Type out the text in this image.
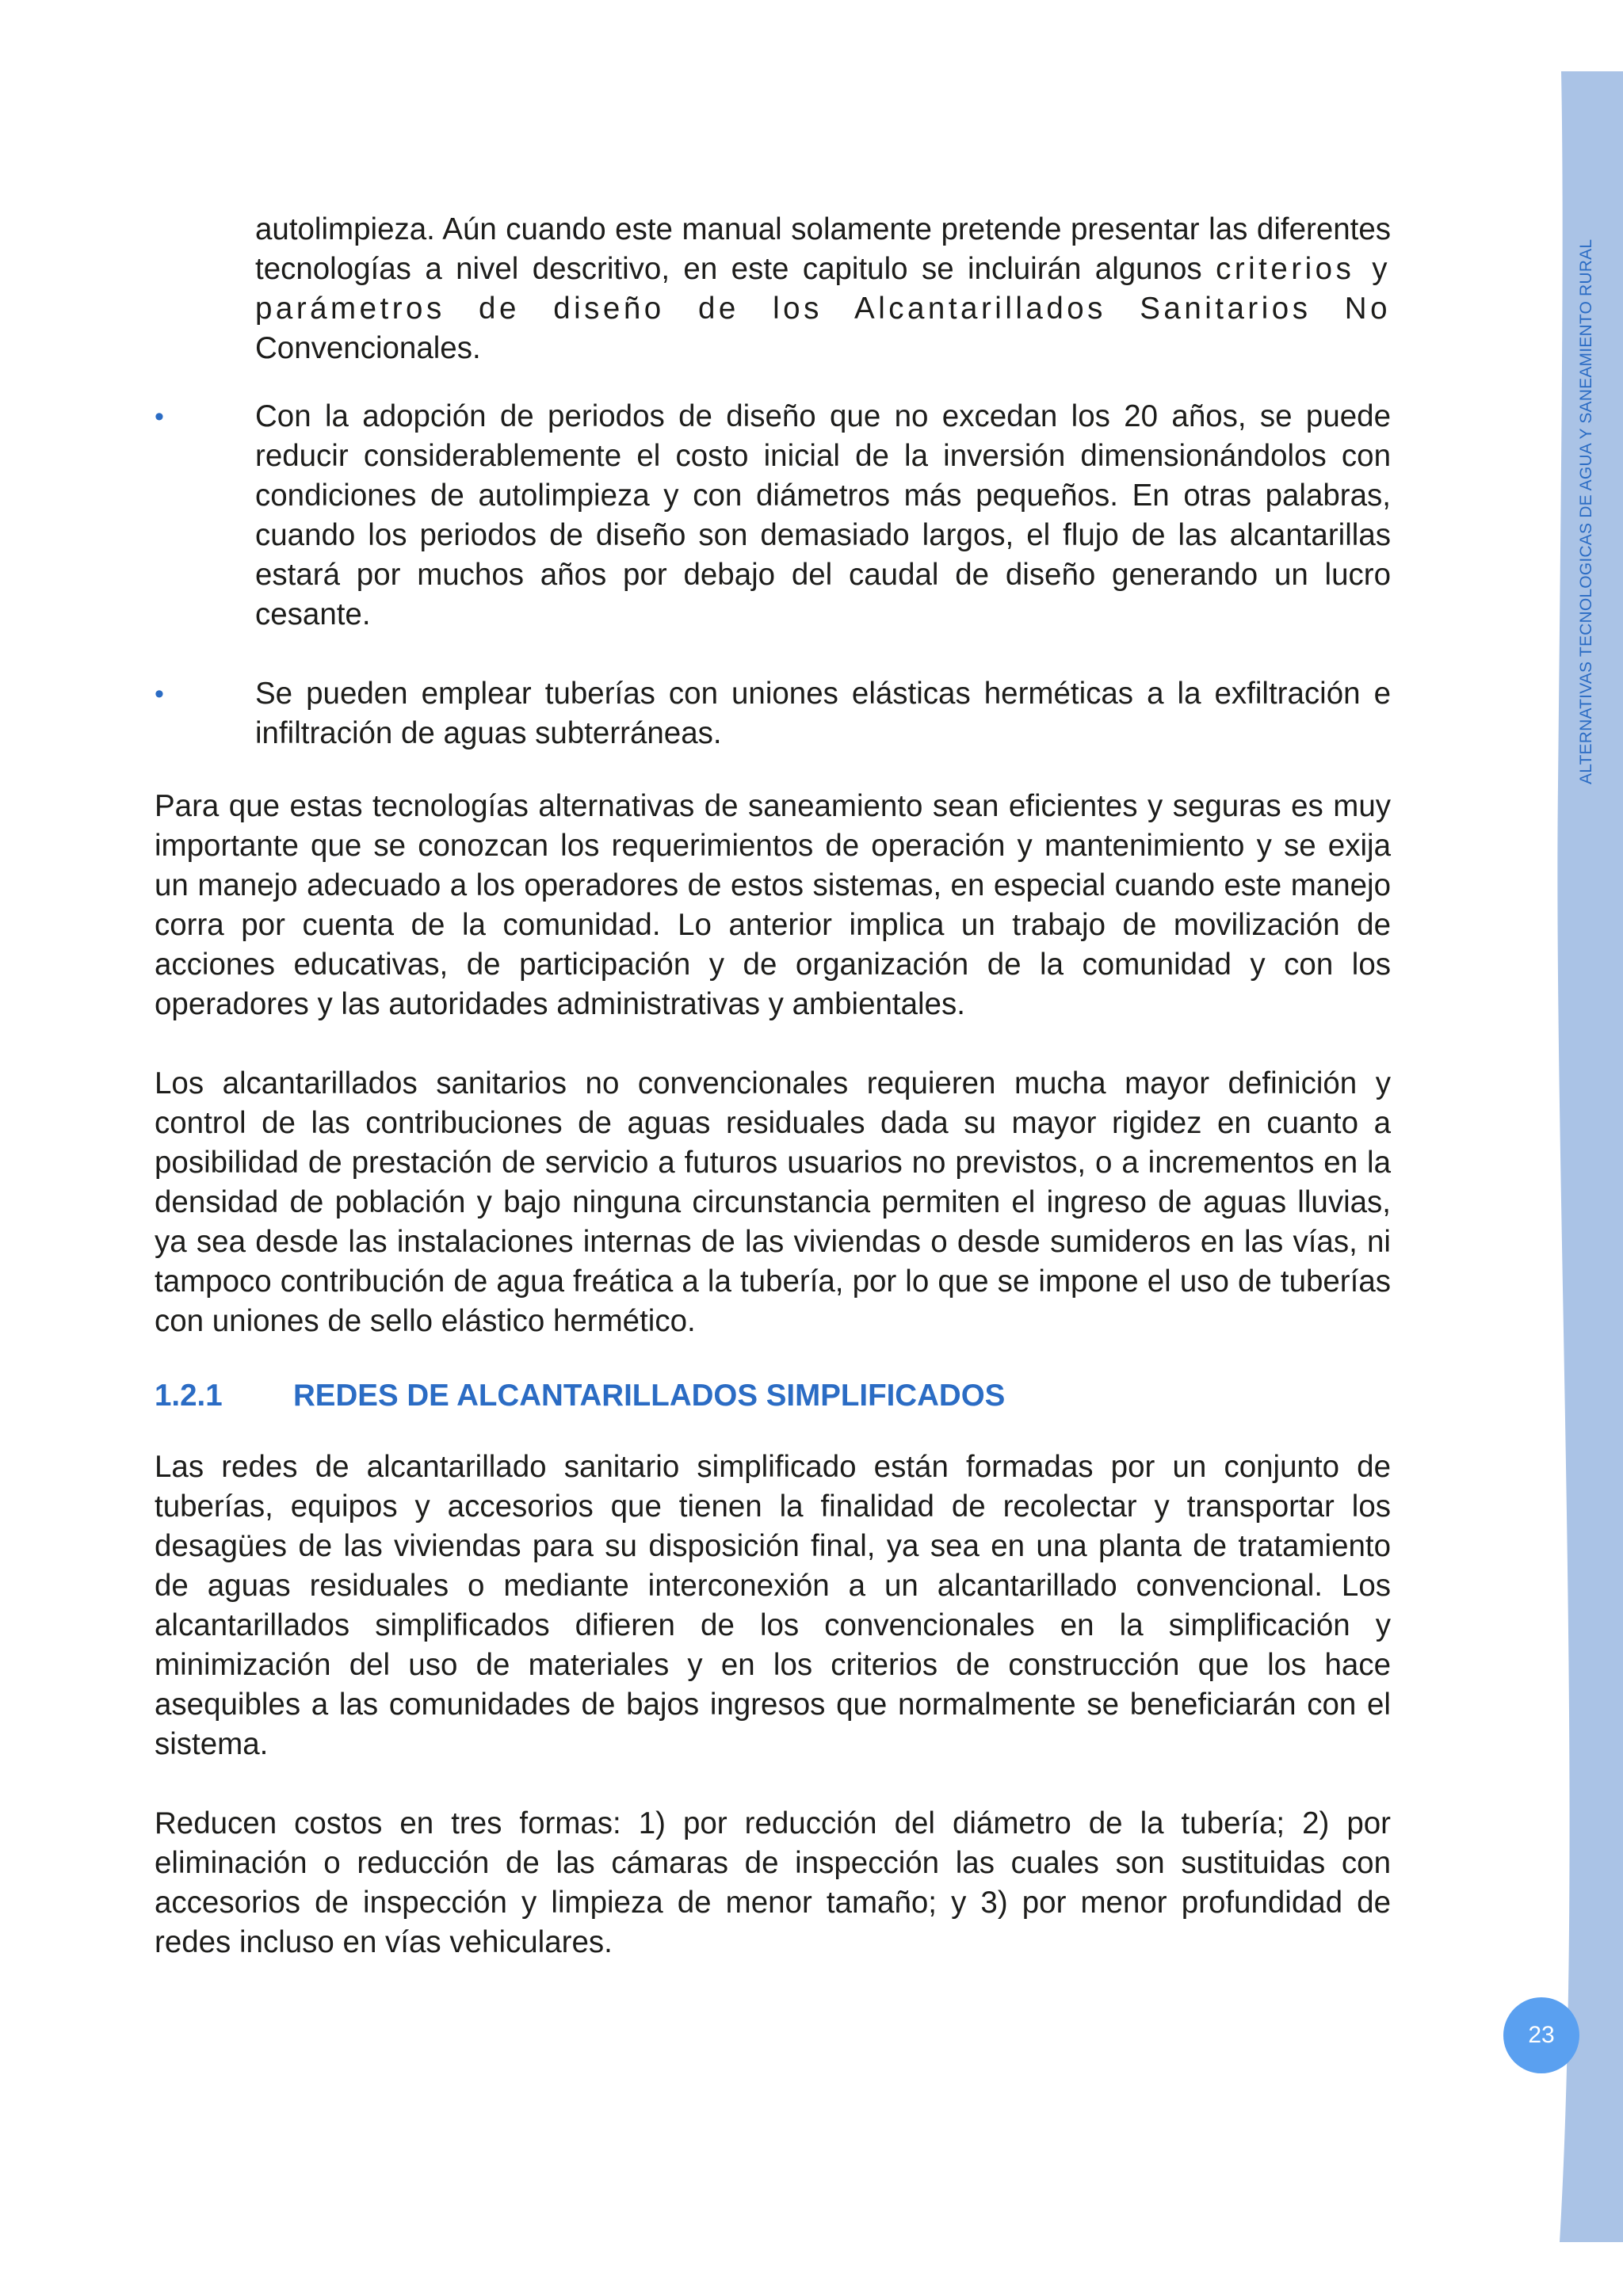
ALTERNATIVAS TECNOLOGICAS DE AGUA Y SANEAMIENTO RURAL
23

autolimpieza. Aún cuando este manual solamente pretende presentar las diferentes tecnologías a nivel descritivo, en este capitulo se incluirán algunos criterios y parámetros de diseño de los Alcantarillados Sanitarios No Convencionales.

•	Con la adopción de periodos de diseño que no excedan los 20 años, se puede reducir considerablemente el costo inicial de la inversión dimensionándolos con condiciones de autolimpieza y con diámetros más pequeños. En otras palabras, cuando los periodos de diseño son demasiado largos, el flujo de las alcantarillas estará por muchos años por debajo del caudal de diseño generando un lucro cesante.

•	Se pueden emplear tuberías con uniones elásticas herméticas a la exfiltración e infiltración de aguas subterráneas.

Para que estas tecnologías alternativas de saneamiento sean eficientes y seguras es muy importante que se conozcan los requerimientos de operación y mantenimiento y se exija un manejo adecuado a los operadores de estos sistemas, en especial cuando este manejo corra por cuenta de la comunidad. Lo anterior implica un trabajo de movilización de acciones educativas, de participación y de organización de la comunidad y con los operadores y las autoridades administrativas y ambientales.

Los alcantarillados sanitarios no convencionales requieren mucha mayor definición y control de las contribuciones de aguas residuales dada su mayor rigidez en cuanto a posibilidad de prestación de servicio a futuros usuarios no previstos, o a incrementos en la densidad de población y bajo ninguna circunstancia permiten el ingreso de aguas lluvias, ya sea desde las instalaciones internas de las viviendas o desde sumideros en las vías, ni tampoco contribución de agua freática a la tubería, por lo que se impone el uso de tuberías con uniones de sello elástico hermético.

1.2.1 REDES DE ALCANTARILLADOS SIMPLIFICADOS

Las redes de alcantarillado sanitario simplificado están formadas por un conjunto de tuberías, equipos y accesorios que tienen la finalidad de recolectar y transportar los desagües de las viviendas para su disposición final, ya sea en una planta de tratamiento de aguas residuales o mediante interconexión a un alcantarillado convencional. Los alcantarillados simplificados difieren de los convencionales en la simplificación y minimización del uso de materiales y en los criterios de construcción que los hace asequibles a las comunidades de bajos ingresos que normalmente se beneficiarán con el sistema.

Reducen costos en tres formas: 1) por reducción del diámetro de la tubería; 2) por eliminación o reducción de las cámaras de inspección las cuales son sustituidas con accesorios de inspección y limpieza de menor tamaño; y 3) por menor profundidad de redes incluso en vías vehiculares.
